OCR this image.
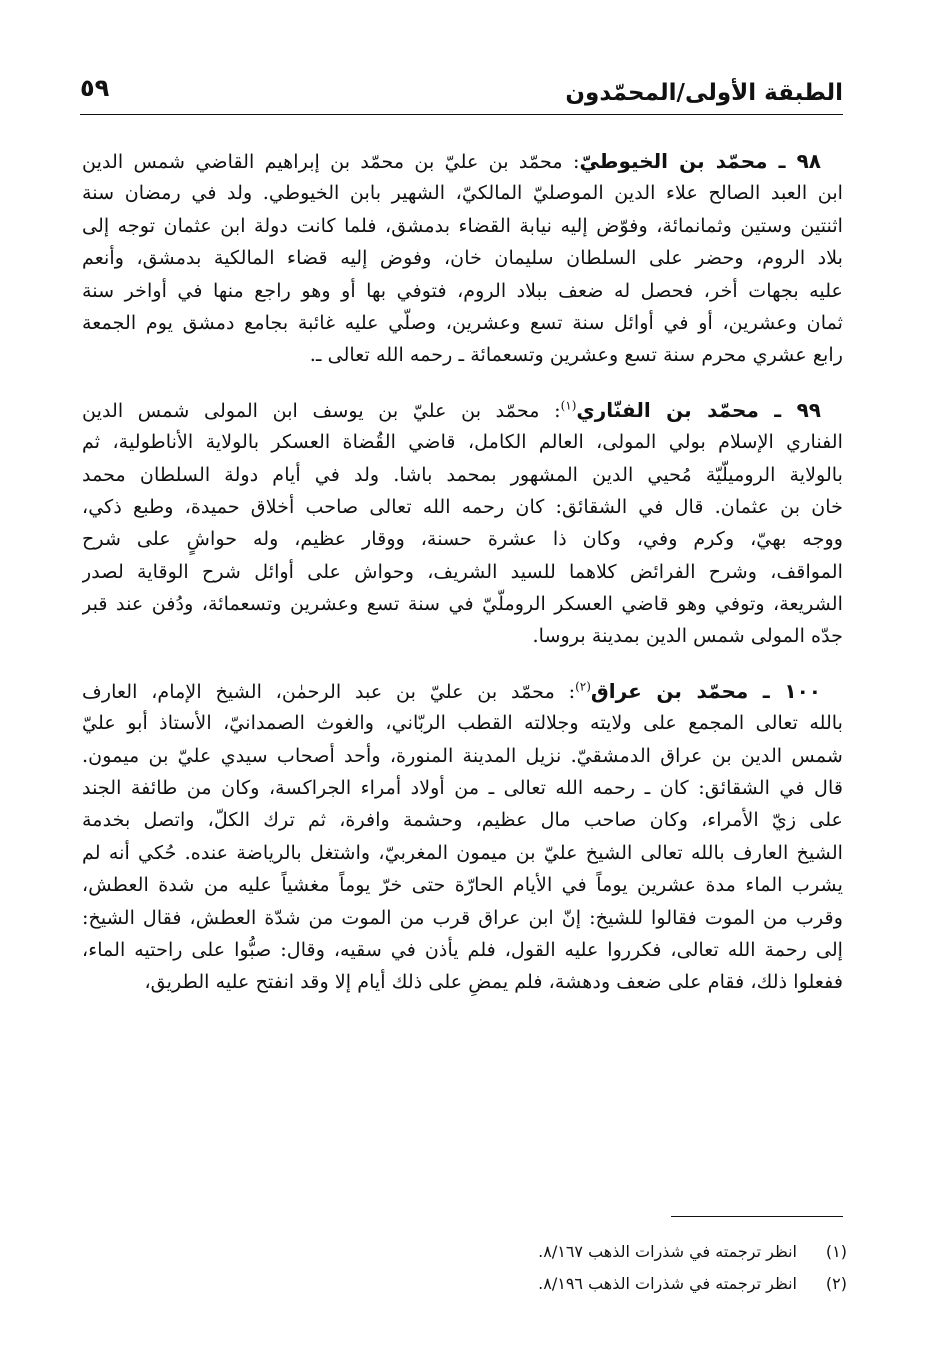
الطبقة الأولى/المحمّدون
٥٩
٩٨ ـ محمّد بن الخيوطيّ: محمّد بن عليّ بن محمّد بن إبراهيم القاضي شمس الدين
ابن العبد الصالح علاء الدين الموصليّ المالكيّ، الشهير بابن الخيوطي. ولد في رمضان سنة
اثنتين وستين وثمانمائة، وفوّض إليه نيابة القضاء بدمشق، فلما كانت دولة ابن عثمان توجه إلى
بلاد الروم، وحضر على السلطان سليمان خان، وفوض إليه قضاء المالكية بدمشق، وأنعم
عليه بجهات أخر، فحصل له ضعف ببلاد الروم، فتوفي بها أو وهو راجع منها في أواخر سنة
ثمان وعشرين، أو في أوائل سنة تسع وعشرين، وصلّي عليه غائبة بجامع دمشق يوم الجمعة
رابع عشري محرم سنة تسع وعشرين وتسعمائة ـ رحمه الله تعالى ـ.
٩٩ ـ محمّد بن الفنّاري$^{(١)}$: محمّد بن عليّ بن يوسف ابن المولى شمس الدين
الفناري الإسلام بولي المولى، العالم الكامل، قاضي القُضاة العسكر بالولاية الأناطولية، ثم
بالولاية الروميلّيّة مُحيي الدين المشهور بمحمد باشا. ولد في أيام دولة السلطان محمد
خان بن عثمان. قال في الشقائق: كان رحمه الله تعالى صاحب أخلاق حميدة، وطبع ذكي،
ووجه بهيّ، وكرم وفي، وكان ذا عشرة حسنة، ووقار عظيم، وله حواشٍ على شرح
المواقف، وشرح الفرائض كلاهما للسيد الشريف، وحواش على أوائل شرح الوقاية لصدر
الشريعة، وتوفي وهو قاضي العسكر الروملّيّ في سنة تسع وعشرين وتسعمائة، ودُفن عند قبر
جدّه المولى شمس الدين بمدينة بروسا.
١٠٠ ـ محمّد بن عراق$^{(٢)}$: محمّد بن عليّ بن عبد الرحمٰن، الشيخ الإمام، العارف
بالله تعالى المجمع على ولايته وجلالته القطب الربّاني، والغوث الصمدانيّ، الأستاذ أبو عليّ
شمس الدين بن عراق الدمشقيّ. نزيل المدينة المنورة، وأحد أصحاب سيدي عليّ بن ميمون.
قال في الشقائق: كان ـ رحمه الله تعالى ـ من أولاد أمراء الجراكسة، وكان من طائفة الجند
على زيّ الأمراء، وكان صاحب مال عظيم، وحشمة وافرة، ثم ترك الكلّ، واتصل بخدمة
الشيخ العارف بالله تعالى الشيخ عليّ بن ميمون المغربيّ، واشتغل بالرياضة عنده. حُكي أنه لم
يشرب الماء مدة عشرين يوماً في الأيام الحارّة حتى خرّ يوماً مغشياً عليه من شدة العطش،
وقرب من الموت فقالوا للشيخ: إنّ ابن عراق قرب من الموت من شدّة العطش، فقال الشيخ:
إلى رحمة الله تعالى، فكرروا عليه القول، فلم يأذن في سقيه، وقال: صبُّوا على راحتيه الماء،
ففعلوا ذلك، فقام على ضعف ودهشة، فلم يمضِ على ذلك أيام إلا وقد انفتح عليه الطريق،
(١)انظر ترجمته في شذرات الذهب ٨/١٦٧.
(٢)انظر ترجمته في شذرات الذهب ٨/١٩٦.
